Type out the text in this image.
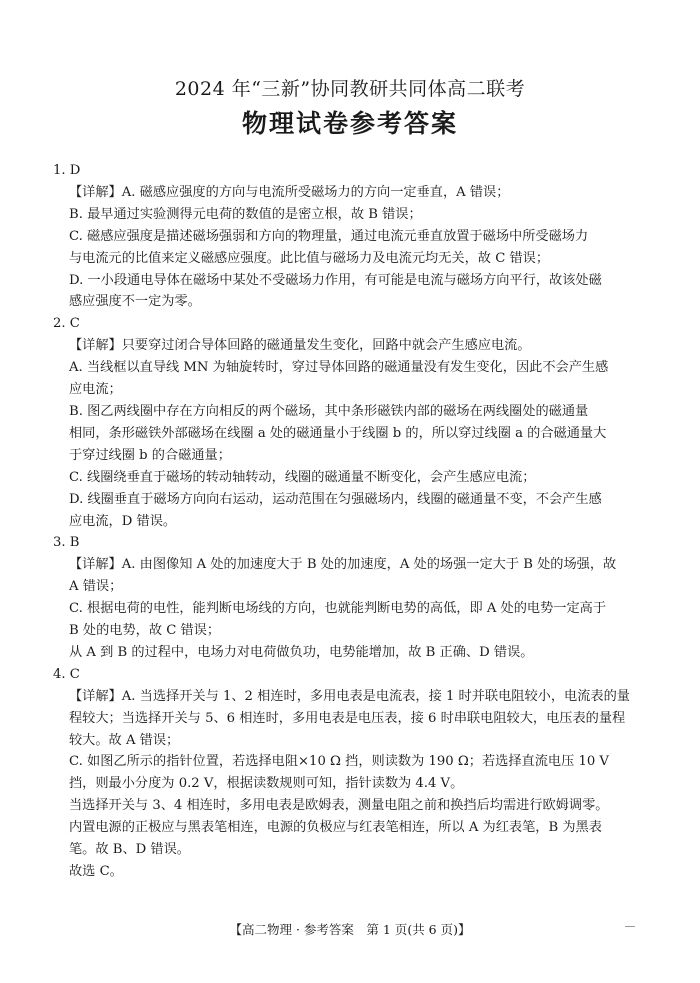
2024 年“三新”协同教研共同体高二联考
物理试卷参考答案

1. D

【详解】A. 磁感应强度的方向与电流所受磁场力的方向一定垂直，A 错误；

B. 最早通过实验测得元电荷的数值的是密立根，故 B 错误；

C. 磁感应强度是描述磁场强弱和方向的物理量，通过电流元垂直放置于磁场中所受磁场力

与电流元的比值来定义磁感应强度。此比值与磁场力及电流元均无关，故 C 错误；

D. 一小段通电导体在磁场中某处不受磁场力作用，有可能是电流与磁场方向平行，故该处磁

感应强度不一定为零。

2. C

【详解】只要穿过闭合导体回路的磁通量发生变化，回路中就会产生感应电流。

A. 当线框以直导线 MN 为轴旋转时，穿过导体回路的磁通量没有发生变化，因此不会产生感

应电流；

B. 图乙两线圈中存在方向相反的两个磁场，其中条形磁铁内部的磁场在两线圈处的磁通量

相同，条形磁铁外部磁场在线圈 a 处的磁通量小于线圈 b 的，所以穿过线圈 a 的合磁通量大

于穿过线圈 b 的合磁通量；

C. 线圈绕垂直于磁场的转动轴转动，线圈的磁通量不断变化，会产生感应电流；

D. 线圈垂直于磁场方向向右运动，运动范围在匀强磁场内，线圈的磁通量不变，不会产生感

应电流，D 错误。

3. B

【详解】A. 由图像知 A 处的加速度大于 B 处的加速度，A 处的场强一定大于 B 处的场强，故

A 错误；

C. 根据电荷的电性，能判断电场线的方向，也就能判断电势的高低，即 A 处的电势一定高于

B 处的电势，故 C 错误；

从 A 到 B 的过程中，电场力对电荷做负功，电势能增加，故 B 正确、D 错误。

4. C

【详解】A. 当选择开关与 1、2 相连时，多用电表是电流表，接 1 时并联电阻较小，电流表的量

程较大；当选择开关与 5、6 相连时，多用电表是电压表，接 6 时串联电阻较大，电压表的量程

较大。故 A 错误；

C. 如图乙所示的指针位置，若选择电阻×10 Ω 挡，则读数为 190 Ω；若选择直流电压 10 V

挡，则最小分度为 0.2 V，根据读数规则可知，指针读数为 4.4 V。

当选择开关与 3、4 相连时，多用电表是欧姆表，测量电阻之前和换挡后均需进行欧姆调零。

内置电源的正极应与黑表笔相连，电源的负极应与红表笔相连，所以 A 为红表笔，B 为黑表

笔。故 B、D 错误。

故选 C。

【高二物理 · 参考答案　第 1 页(共 6 页)】
